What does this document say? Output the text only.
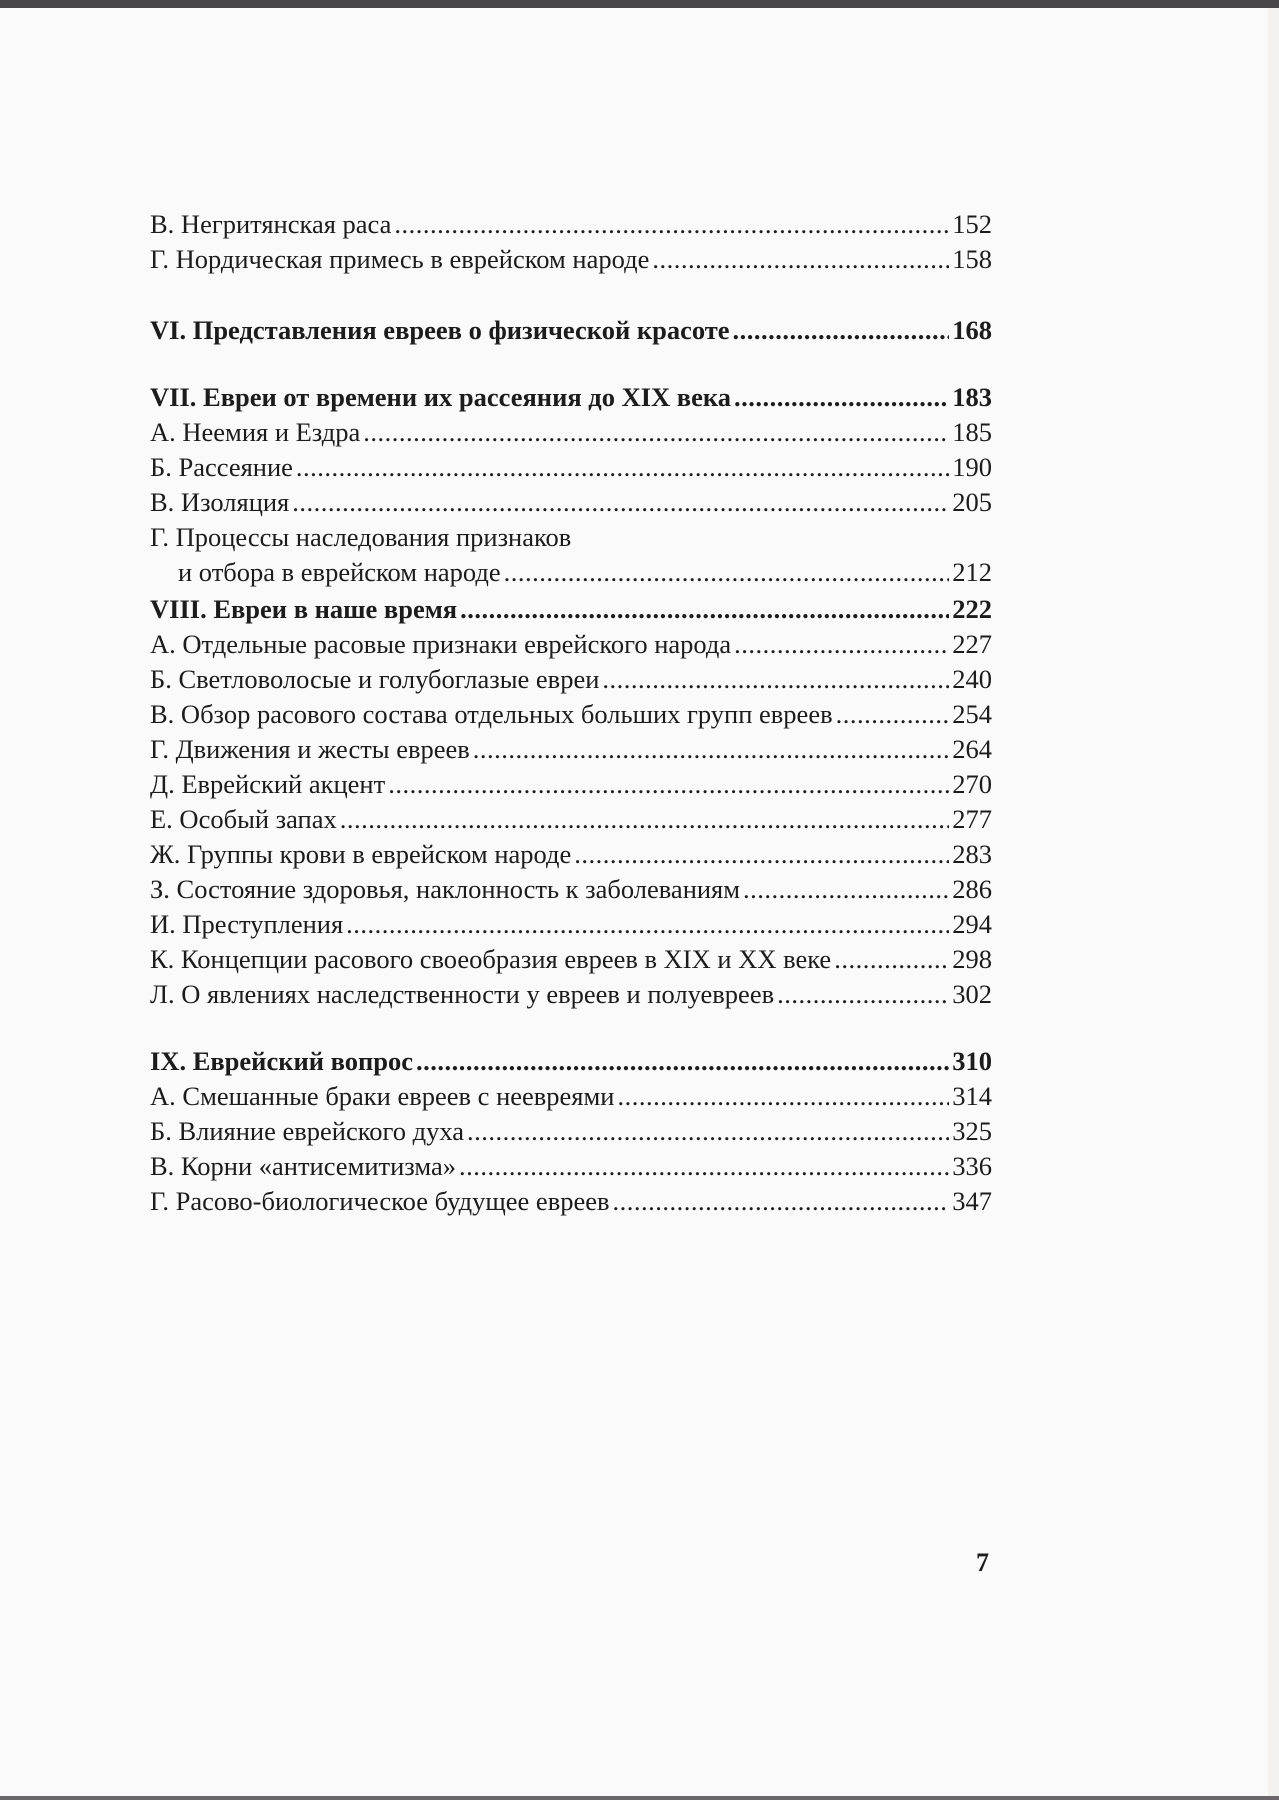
В. Негритянская раса .....	152
Г. Нордическая примесь в еврейском народе .....	158
VI. Представления евреев о физической красоте .....	168
VII. Евреи от времени их рассеяния до XIX века .....	183
А. Неемия и Ездра .....	185
Б. Рассеяние .....	190
В. Изоляция .....	205
Г. Процессы наследования признаков
и отбора в еврейском народе .....	212
VIII. Евреи в наше время .....	222
А. Отдельные расовые признаки еврейского народа .....	227
Б. Светловолосые и голубоглазые евреи .....	240
В. Обзор расового состава отдельных больших групп евреев .....	254
Г. Движения и жесты евреев .....	264
Д. Еврейский акцент .....	270
Е. Особый запах .....	277
Ж. Группы крови в еврейском народе .....	283
З. Состояние здоровья, наклонность к заболеваниям .....	286
И. Преступления .....	294
К. Концепции расового своеобразия евреев в XIX и XX веке .....	298
Л. О явлениях наследственности у евреев и полуевреев .....	302
IX. Еврейский вопрос .....	310
А. Смешанные браки евреев с неевреями .....	314
Б. Влияние еврейского духа .....	325
В. Корни «антисемитизма» .....	336
Г. Расово-биологическое будущее евреев .....	347
7
